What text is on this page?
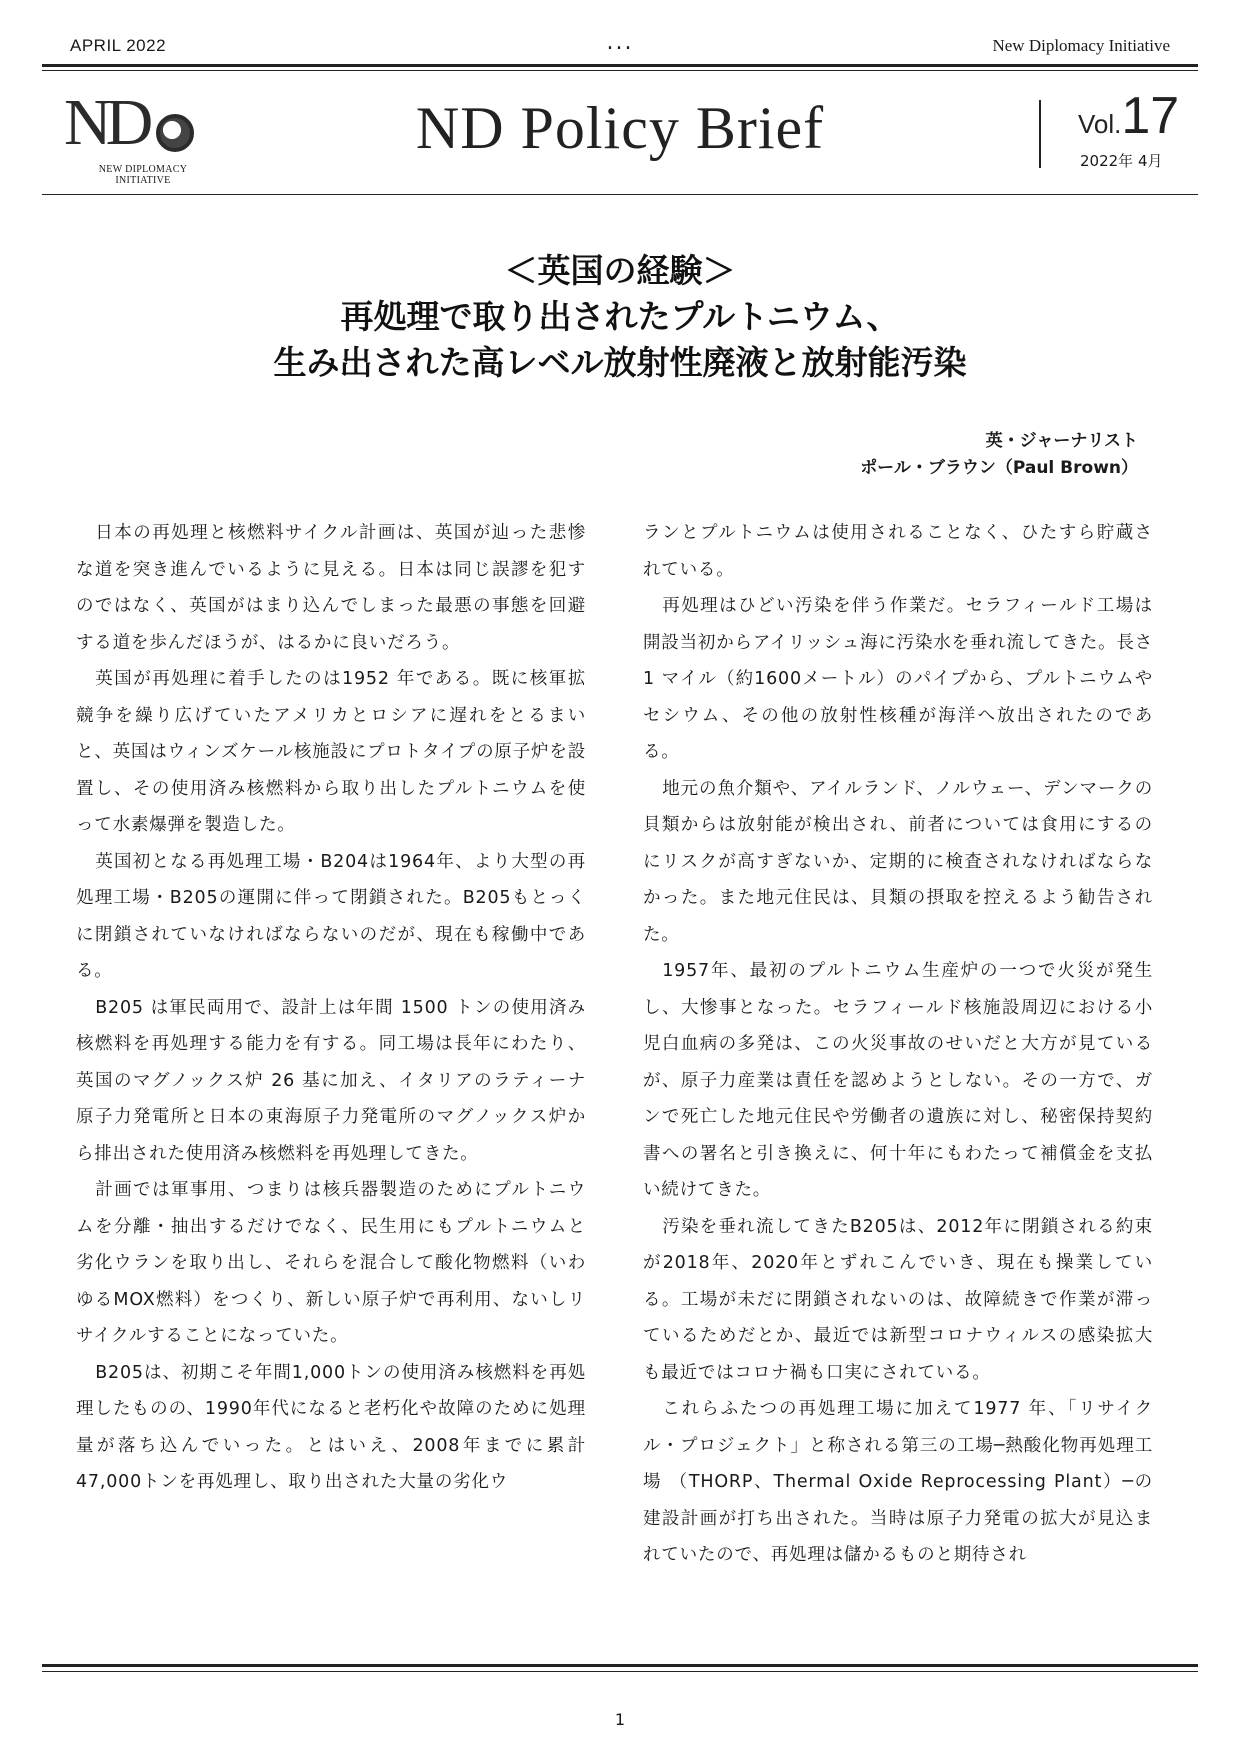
APRIL 2022	...	New Diplomacy Initiative
ND
NEW DIPLOMACY
INITIATIVE
ND Policy Brief	Vol.17
2022年 4月
＜英国の経験＞
再処理で取り出されたプルトニウム、
生み出された高レベル放射性廃液と放射能汚染
英・ジャーナリスト
ポール・ブラウン（Paul Brown）

日本の再処理と核燃料サイクル計画は、英国が辿った悲惨な道を突き進んでいるように見える。日本は同じ誤謬を犯すのではなく、英国がはまり込んでしまった最悪の事態を回避する道を歩んだほうが、はるかに良いだろう。

英国が再処理に着手したのは1952 年である。既に核軍拡競争を繰り広げていたアメリカとロシアに遅れをとるまいと、英国はウィンズケール核施設にプロトタイプの原子炉を設置し、その使用済み核燃料から取り出したプルトニウムを使って水素爆弾を製造した。

英国初となる再処理工場・B204は1964年、より大型の再処理工場・B205の運開に伴って閉鎖された。B205もとっくに閉鎖されていなければならないのだが、現在も稼働中である。

B205 は軍民両用で、設計上は年間 1500 トンの使用済み核燃料を再処理する能力を有する。同工場は長年にわたり、英国のマグノックス炉 26 基に加え、イタリアのラティーナ原子力発電所と日本の東海原子力発電所のマグノックス炉から排出された使用済み核燃料を再処理してきた。

計画では軍事用、つまりは核兵器製造のためにプルトニウムを分離・抽出するだけでなく、民生用にもプルトニウムと劣化ウランを取り出し、それらを混合して酸化物燃料（いわゆるMOX燃料）をつくり、新しい原子炉で再利用、ないしリサイクルすることになっていた。

B205は、初期こそ年間1,000トンの使用済み核燃料を再処理したものの、1990年代になると老朽化や故障のために処理量が落ち込んでいった。とはいえ、2008年までに累計47,000トンを再処理し、取り出された大量の劣化ウ

ランとプルトニウムは使用されることなく、ひたすら貯蔵されている。

再処理はひどい汚染を伴う作業だ。セラフィールド工場は開設当初からアイリッシュ海に汚染水を垂れ流してきた。長さ1 マイル（約1600メートル）のパイプから、プルトニウムやセシウム、その他の放射性核種が海洋へ放出されたのである。

地元の魚介類や、アイルランド、ノルウェー、デンマークの貝類からは放射能が検出され、前者については食用にするのにリスクが高すぎないか、定期的に検査されなければならなかった。また地元住民は、貝類の摂取を控えるよう勧告された。

1957年、最初のプルトニウム生産炉の一つで火災が発生し、大惨事となった。セラフィールド核施設周辺における小児白血病の多発は、この火災事故のせいだと大方が見ているが、原子力産業は責任を認めようとしない。その一方で、ガンで死亡した地元住民や労働者の遺族に対し、秘密保持契約書への署名と引き換えに、何十年にもわたって補償金を支払い続けてきた。

汚染を垂れ流してきたB205は、2012年に閉鎖される約束が2018年、2020年とずれこんでいき、現在も操業している。工場が未だに閉鎖されないのは、故障続きで作業が滞っているためだとか、最近では新型コロナウィルスの感染拡大も最近ではコロナ禍も口実にされている。

これらふたつの再処理工場に加えて1977 年、「リサイクル・プロジェクト」と称される第三の工場─熱酸化物再処理工場 （THORP、Thermal Oxide Reprocessing Plant）─の建設計画が打ち出された。当時は原子力発電の拡大が見込まれていたので、再処理は儲かるものと期待され

1
